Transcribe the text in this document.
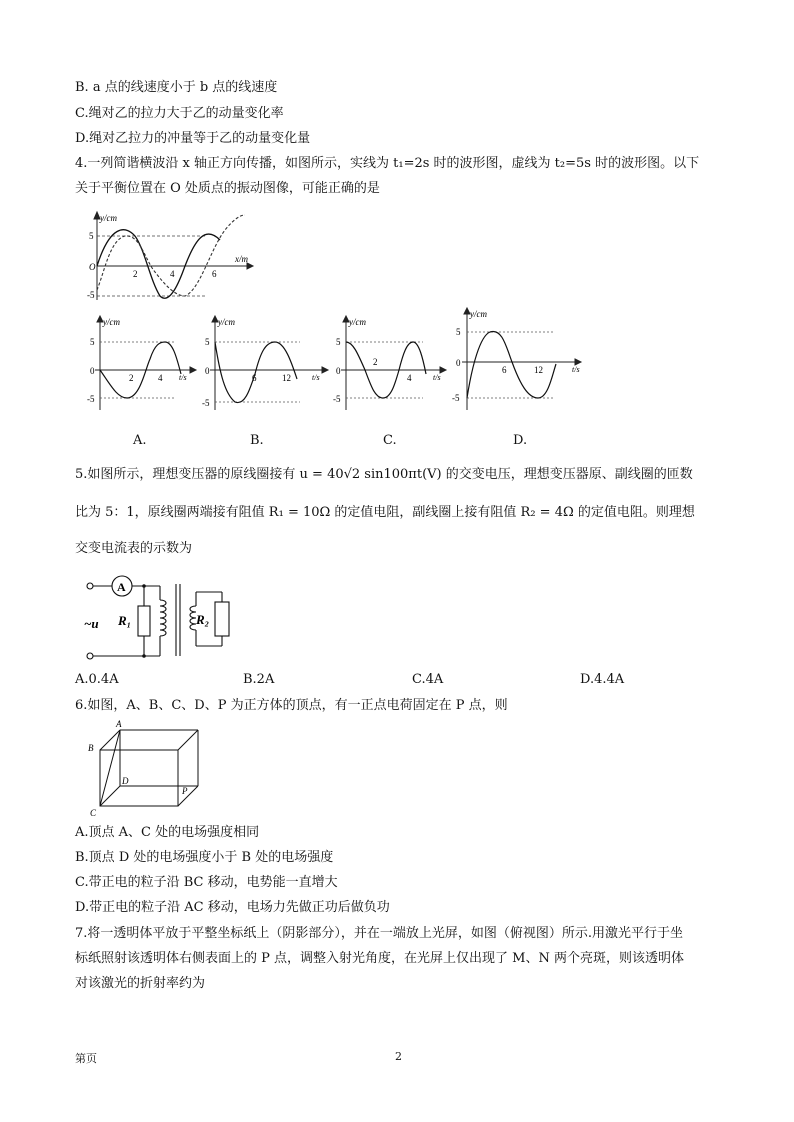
B. a 点的线速度小于 b 点的线速度
C.绳对乙的拉力大于乙的动量变化率
D.绳对乙拉力的冲量等于乙的动量变化量
4.一列简谐横波沿 x 轴正方向传播，如图所示，实线为 t₁=2s 时的波形图，虚线为 t₂=5s 时的波形图。以下
关于平衡位置在 O 处质点的振动图像，可能正确的是
y/cm
x/m
O
5
-5
2	4	6
y/cm
t/s
0
5
-5
2	4
y/cm
t/s
0
5
-5
6	12
y/cm
t/s
0
5
-5
2
4
y/cm
t/s
0
5
-5
6	12
A.	B.	C.	D.
5.如图所示，理想变压器的原线圈接有 u = 40√2 sin100πt(V) 的交变电压，理想变压器原、副线圈的匝数
比为 5：1，原线圈两端接有阻值 R₁ = 10Ω 的定值电阻，副线圈上接有阻值 R₂ = 4Ω 的定值电阻。则理想
交变电流表的示数为
A
~u R₁	R₂
A.0.4A	B.2A	C.4A	D.4.4A
6.如图，A、B、C、D、P 为正方体的顶点，有一正点电荷固定在 P 点，则
A
B
C
D
P
A.顶点 A、C 处的电场强度相同
B.顶点 D 处的电场强度小于 B 处的电场强度
C.带正电的粒子沿 BC 移动，电势能一直增大
D.带正电的粒子沿 AC 移动，电场力先做正功后做负功
7.将一透明体平放于平整坐标纸上（阴影部分），并在一端放上光屏，如图（俯视图）所示.用激光平行于坐
标纸照射该透明体右侧表面上的 P 点，调整入射光角度，在光屏上仅出现了 M、N 两个亮斑，则该透明体
对该激光的折射率约为
第页	2
